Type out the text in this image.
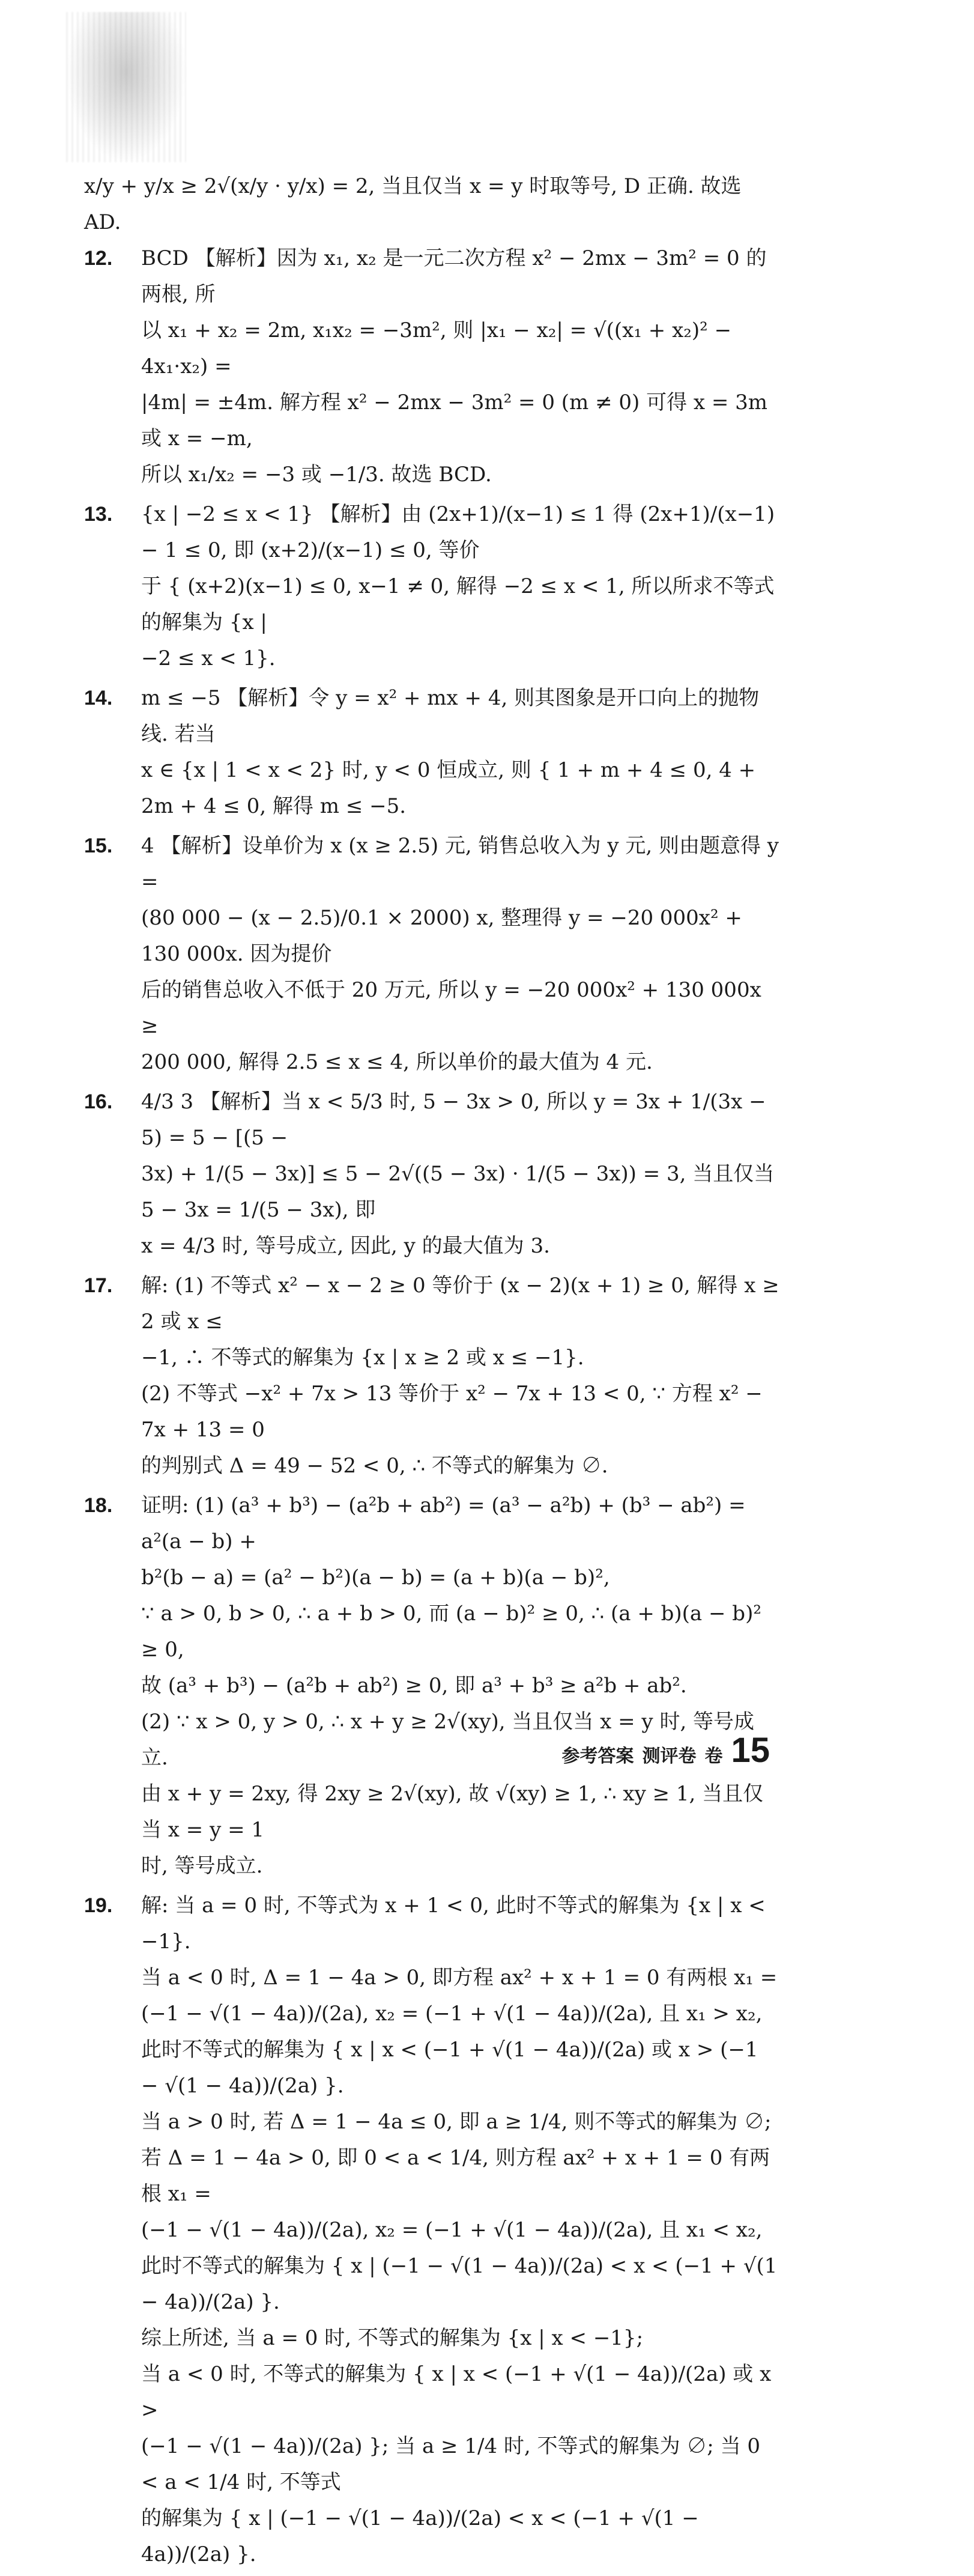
x/y + y/x ≥ 2√(x/y · y/x) = 2, 当且仅当 x = y 时取等号, D 正确. 故选 AD.
12.	BCD 【解析】因为 x₁, x₂ 是一元二次方程 x² − 2mx − 3m² = 0 的两根, 所
以 x₁ + x₂ = 2m, x₁x₂ = −3m², 则 |x₁ − x₂| = √((x₁ + x₂)² − 4x₁·x₂) =
|4m| = ±4m. 解方程 x² − 2mx − 3m² = 0 (m ≠ 0) 可得 x = 3m 或 x = −m,
所以 x₁/x₂ = −3 或 −1/3. 故选 BCD.
13.	{x | −2 ≤ x < 1} 【解析】由 (2x+1)/(x−1) ≤ 1 得 (2x+1)/(x−1) − 1 ≤ 0, 即 (x+2)/(x−1) ≤ 0, 等价
于 { (x+2)(x−1) ≤ 0, x−1 ≠ 0, 解得 −2 ≤ x < 1, 所以所求不等式的解集为 {x |
−2 ≤ x < 1}.
14.	m ≤ −5 【解析】令 y = x² + mx + 4, 则其图象是开口向上的抛物线. 若当
x ∈ {x | 1 < x < 2} 时, y < 0 恒成立, 则 { 1 + m + 4 ≤ 0, 4 + 2m + 4 ≤ 0, 解得 m ≤ −5.
15.	4 【解析】设单价为 x (x ≥ 2.5) 元, 销售总收入为 y 元, 则由题意得 y =
(80 000 − (x − 2.5)/0.1 × 2000) x, 整理得 y = −20 000x² + 130 000x. 因为提价
后的销售总收入不低于 20 万元, 所以 y = −20 000x² + 130 000x ≥
200 000, 解得 2.5 ≤ x ≤ 4, 所以单价的最大值为 4 元.
16.	4/3 3 【解析】当 x < 5/3 时, 5 − 3x > 0, 所以 y = 3x + 1/(3x − 5) = 5 − [(5 −
3x) + 1/(5 − 3x)] ≤ 5 − 2√((5 − 3x) · 1/(5 − 3x)) = 3, 当且仅当 5 − 3x = 1/(5 − 3x), 即
x = 4/3 时, 等号成立, 因此, y 的最大值为 3.
17.	解: (1) 不等式 x² − x − 2 ≥ 0 等价于 (x − 2)(x + 1) ≥ 0, 解得 x ≥ 2 或 x ≤
−1, ∴ 不等式的解集为 {x | x ≥ 2 或 x ≤ −1}.
(2) 不等式 −x² + 7x > 13 等价于 x² − 7x + 13 < 0, ∵ 方程 x² − 7x + 13 = 0
的判别式 Δ = 49 − 52 < 0, ∴ 不等式的解集为 ∅.
18.	证明: (1) (a³ + b³) − (a²b + ab²) = (a³ − a²b) + (b³ − ab²) = a²(a − b) +
b²(b − a) = (a² − b²)(a − b) = (a + b)(a − b)²,
∵ a > 0, b > 0, ∴ a + b > 0, 而 (a − b)² ≥ 0, ∴ (a + b)(a − b)² ≥ 0,
故 (a³ + b³) − (a²b + ab²) ≥ 0, 即 a³ + b³ ≥ a²b + ab².
(2) ∵ x > 0, y > 0, ∴ x + y ≥ 2√(xy), 当且仅当 x = y 时, 等号成立.
由 x + y = 2xy, 得 2xy ≥ 2√(xy), 故 √(xy) ≥ 1, ∴ xy ≥ 1, 当且仅当 x = y = 1
时, 等号成立.
19.	解: 当 a = 0 时, 不等式为 x + 1 < 0, 此时不等式的解集为 {x | x < −1}.
当 a < 0 时, Δ = 1 − 4a > 0, 即方程 ax² + x + 1 = 0 有两根 x₁ =
(−1 − √(1 − 4a))/(2a), x₂ = (−1 + √(1 − 4a))/(2a), 且 x₁ > x₂,
此时不等式的解集为 { x | x < (−1 + √(1 − 4a))/(2a) 或 x > (−1 − √(1 − 4a))/(2a) }.
当 a > 0 时, 若 Δ = 1 − 4a ≤ 0, 即 a ≥ 1/4, 则不等式的解集为 ∅;
若 Δ = 1 − 4a > 0, 即 0 < a < 1/4, 则方程 ax² + x + 1 = 0 有两根 x₁ =
(−1 − √(1 − 4a))/(2a), x₂ = (−1 + √(1 − 4a))/(2a), 且 x₁ < x₂,
此时不等式的解集为 { x | (−1 − √(1 − 4a))/(2a) < x < (−1 + √(1 − 4a))/(2a) }.
综上所述, 当 a = 0 时, 不等式的解集为 {x | x < −1};
当 a < 0 时, 不等式的解集为 { x | x < (−1 + √(1 − 4a))/(2a) 或 x >
(−1 − √(1 − 4a))/(2a) }; 当 a ≥ 1/4 时, 不等式的解集为 ∅; 当 0 < a < 1/4 时, 不等式
的解集为 { x | (−1 − √(1 − 4a))/(2a) < x < (−1 + √(1 − 4a))/(2a) }.
参考答案 测评卷 卷 15
